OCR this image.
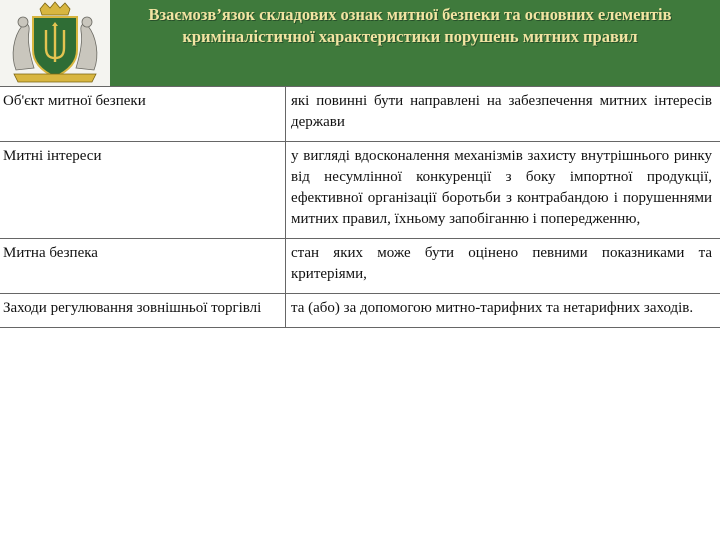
Взаємозв’язок складових ознак митної безпеки та основних елементів криміналістичної характеристики порушень митних правил
Об'єкт митної безпеки	які повинні бути направлені на забезпечення митних інтересів держави

Митні інтереси	у вигляді вдосконалення механізмів захисту внутрішнього ринку від несумлінної конкуренції з боку імпортної продукції, ефективної організації боротьби з контрабандою і порушеннями митних правил, їхньому запобіганню і попередженню,

Митна безпека	стан яких може бути оцінено певними показниками та критеріями,

Заходи регулювання зовнішньої торгівлі	та (або) за допомогою митно-тарифних та нетарифних заходів.
